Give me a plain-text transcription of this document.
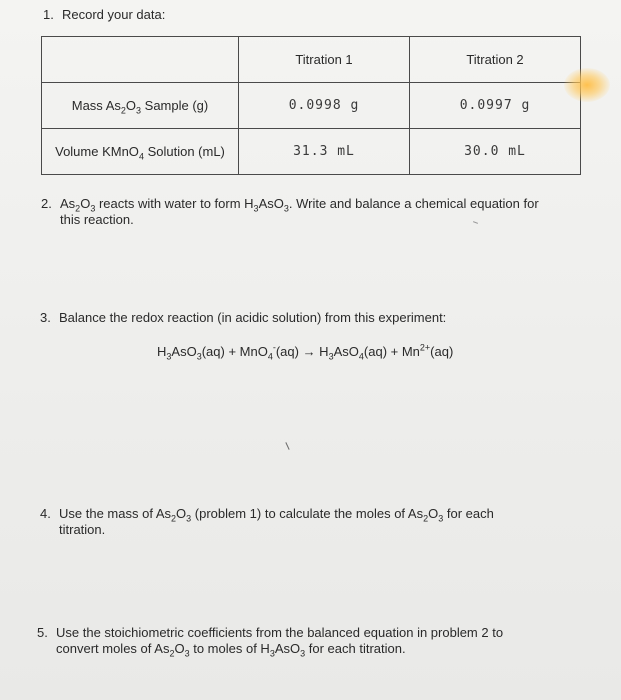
1. Record your data:
	Titration 1	Titration 2
Mass $As_2O_3$ Sample (g)	0.0998 g	0.0997 g
Volume KMnO$_4$ Solution (mL)	31.3 mL	30.0 mL
2. $As_2O_3$ reacts with water to form $H_3AsO_3$. Write and balance a chemical equation for
this reaction.
3. Balance the redox reaction (in acidic solution) from this experiment:
$H_3AsO_3(aq) + MnO_4^-(aq) \to H_3AsO_4(aq) + Mn^{2+}(aq)$
4. Use the mass of $As_2O_3$ (problem 1) to calculate the moles of $As_2O_3$ for each
titration.
5. Use the stoichiometric coefficients from the balanced equation in problem 2 to
convert moles of $As_2O_3$ to moles of $H_3AsO_3$ for each titration.
